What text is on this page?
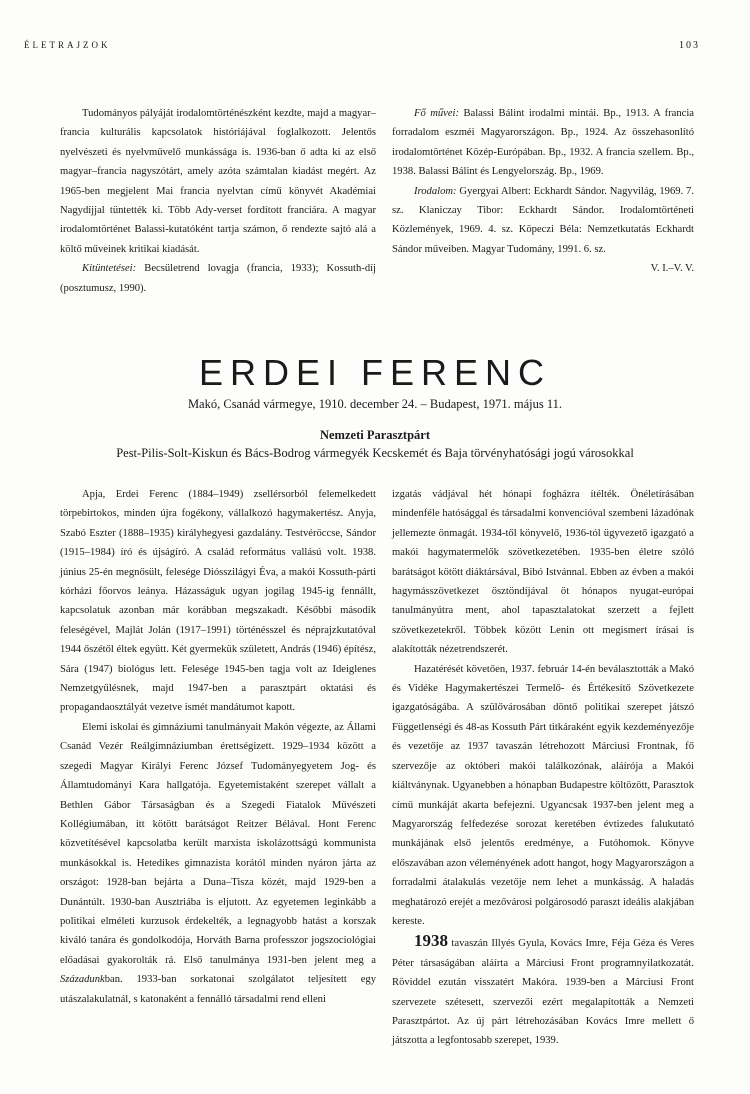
ÉLETRAJZOK	103

Tudományos pályáját irodalomtörténészként kezdte, majd a magyar–francia kulturális kapcsolatok históriájával foglalkozott. Jelentős nyelvészeti és nyelvművelő munkássága is. 1936-ban ő adta ki az első magyar–francia nagyszótárt, amely azóta számtalan kiadást megért. Az 1965-ben megjelent Mai francia nyelvtan című könyvét Akadémiai Nagydíjjal tüntették ki. Több Ady-verset fordított franciára. A magyar irodalomtörténet Balassi-kutatóként tartja számon, ő rendezte sajtó alá a költő műveinek kritikai kiadását.

Kitüntetései: Becsületrend lovagja (francia, 1933); Kossuth-díj (posztumusz, 1990).

Fő művei: Balassi Bálint irodalmi mintái. Bp., 1913. A francia forradalom eszméi Magyarországon. Bp., 1924. Az összehasonlító irodalomtörténet Közép-Európában. Bp., 1932. A francia szellem. Bp., 1938. Balassi Bálint és Lengyelország. Bp., 1969.

Irodalom: Gyergyai Albert: Eckhardt Sándor. Nagyvilág, 1969. 7. sz. Klaniczay Tibor: Eckhardt Sándor. Irodalomtörténeti Közlemények, 1969. 4. sz. Köpeczi Béla: Nemzetkutatás Eckhardt Sándor műveiben. Magyar Tudomány, 1991. 6. sz.

V. I.–V. V.

ERDEI FERENC
Makó, Csanád vármegye, 1910. december 24. – Budapest, 1971. május 11.
Nemzeti Parasztpárt
Pest-Pilis-Solt-Kiskun és Bács-Bodrog vármegyék Kecskemét és Baja törvényhatósági jogú városokkal

Apja, Erdei Ferenc (1884–1949) zsellérsorból felemelkedett törpebirtokos, minden újra fogékony, vállalkozó hagymakertész. Anyja, Szabó Eszter (1888–1935) királyhegyesi gazdalány. Testvéröccse, Sándor (1915–1984) író és újságíró. A család református vallású volt. 1938. június 25-én megnősült, felesége Diósszilágyi Éva, a makói Kossuth-párti kórházi főorvos leánya. Házasságuk ugyan jogilag 1945-ig fennállt, kapcsolatuk azonban már korábban megszakadt. Későbbi második feleségével, Majlát Jolán (1917–1991) történésszel és néprajzkutatóval 1944 őszétől éltek együtt. Két gyermekük született, András (1946) építész, Sára (1947) biológus lett. Felesége 1945-ben tagja volt az Ideiglenes Nemzetgyűlésnek, majd 1947-ben a parasztpárt oktatási és propagandaosztályát vezetve ismét mandátumot kapott.

Elemi iskolai és gimnáziumi tanulmányait Makón végezte, az Állami Csanád Vezér Reálgimnáziumban érettségizett. 1929–1934 között a szegedi Magyar Királyi Ferenc József Tudományegyetem Jog- és Államtudományi Kara hallgatója. Egyetemistaként szerepet vállalt a Bethlen Gábor Társaságban és a Szegedi Fiatalok Művészeti Kollégiumában, itt kötött barátságot Reitzer Bélával. Hont Ferenc közvetítésével kapcsolatba került marxista iskolázottságú kommunista munkásokkal is. Hetedikes gimnazista korától minden nyáron járta az országot: 1928-ban bejárta a Duna–Tisza közét, majd 1929-ben a Dunántúlt. 1930-ban Ausztriába is eljutott. Az egyetemen leginkább a politikai elméleti kurzusok érdekelték, a legnagyobb hatást a korszak kiváló tanára és gondolkodója, Horváth Barna professzor jogszociológiai előadásai gyakorolták rá. Első tanulmánya 1931-ben jelent meg a Századunkban. 1933-ban sorkatonai szolgálatot teljesített egy utászalakulatnál, s katonaként a fennálló társadalmi rend elleni

izgatás vádjával hét hónapi fogházra ítélték. Önéletírásában mindenféle hatósággal és társadalmi konvencióval szembeni lázadónak jellemezte önmagát. 1934-től könyvelő, 1936-tól ügyvezető igazgató a makói hagymatermelők szövetkezetében. 1935-ben életre szóló barátságot kötött diáktársával, Bibó Istvánnal. Ebben az évben a makói hagymásszövetkezet ösztöndíjával öt hónapos nyugat-európai tanulmányútra ment, ahol tapasztalatokat szerzett a fejlett szövetkezetekről. Többek között Lenin ott megismert írásai is alakították nézetrendszerét.

Hazatérését követően, 1937. február 14-én beválasztották a Makó és Vidéke Hagymakertészei Termelő- és Értékesítő Szövetkezete igazgatóságába. A szülővárosában döntő politikai szerepet játszó Függetlenségi és 48-as Kossuth Párt titkáraként egyik kezdeményezője és vezetője az 1937 tavaszán létrehozott Márciusi Frontnak, fő szervezője az októberi makói találkozónak, aláírója a Makói kiáltványnak. Ugyanebben a hónapban Budapestre költözött, Parasztok című munkáját akarta befejezni. Ugyancsak 1937-ben jelent meg a Magyarország felfedezése sorozat keretében évtizedes falukutató munkájának első jelentős eredménye, a Futóhomok. Könyve előszavában azon véleményének adott hangot, hogy Magyarországon a forradalmi átalakulás vezetője nem lehet a munkásság. A haladás meghatározó erejét a mezővárosi polgárosodó paraszt ideális alakjában kereste.

1938 tavaszán Illyés Gyula, Kovács Imre, Féja Géza és Veres Péter társaságában aláírta a Márciusi Front programnyilatkozatát. Röviddel ezután visszatért Makóra. 1939-ben a Márciusi Front szervezete szétesett, szervezői ezért megalapították a Nemzeti Parasztpártot. Az új párt létrehozásában Kovács Imre mellett ő játszotta a legfontosabb szerepet, 1939.
